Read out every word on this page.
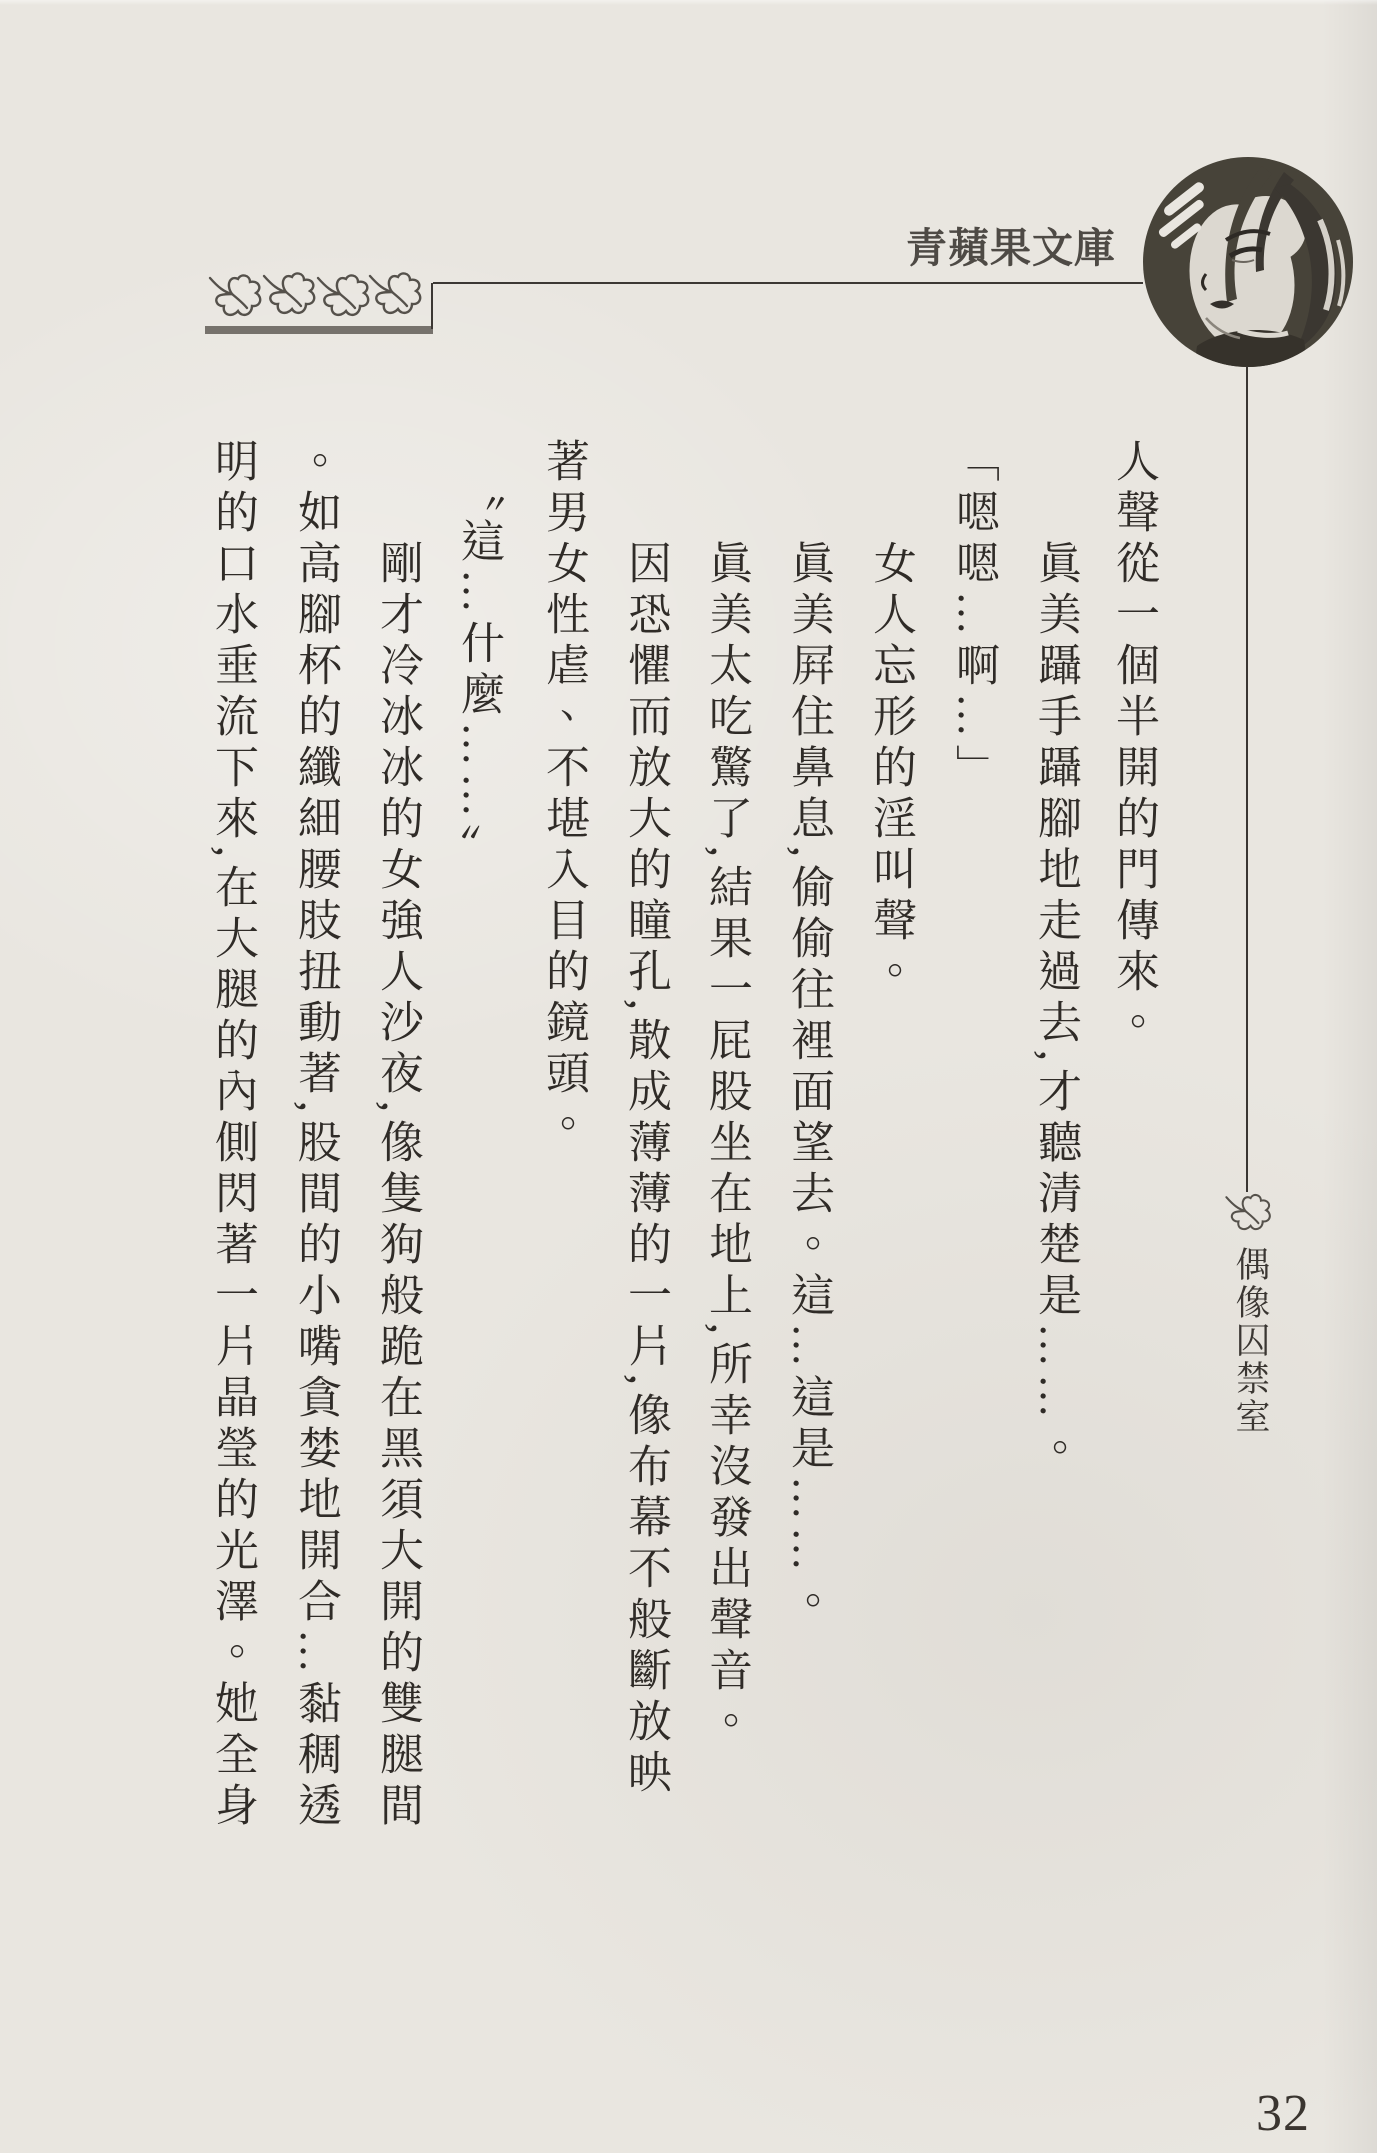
青蘋果文庫
偶像囚禁室
人聲從一個半開的門傳來。
　　眞美躡手躡腳地走過去,才聽清楚是……。
「嗯嗯…啊…」
　　女人忘形的淫叫聲。
　　眞美屛住鼻息,偷偷往裡面望去。這…這是……。
　　眞美太吃驚了,結果一屁股坐在地上,所幸沒發出聲音。
　　因恐懼而放大的瞳孔,散成薄薄的一片,像布幕不般斷放映
著男女性虐、不堪入目的鏡頭。
　〝這…什麼……〞
　　剛才冷冰冰的女強人沙夜,像隻狗般跪在黑須大開的雙腿間
。如高腳杯的纖細腰肢扭動著,股間的小嘴貪婪地開合…黏稠透
明的口水垂流下來,在大腿的內側閃著一片晶瑩的光澤。她全身
32
